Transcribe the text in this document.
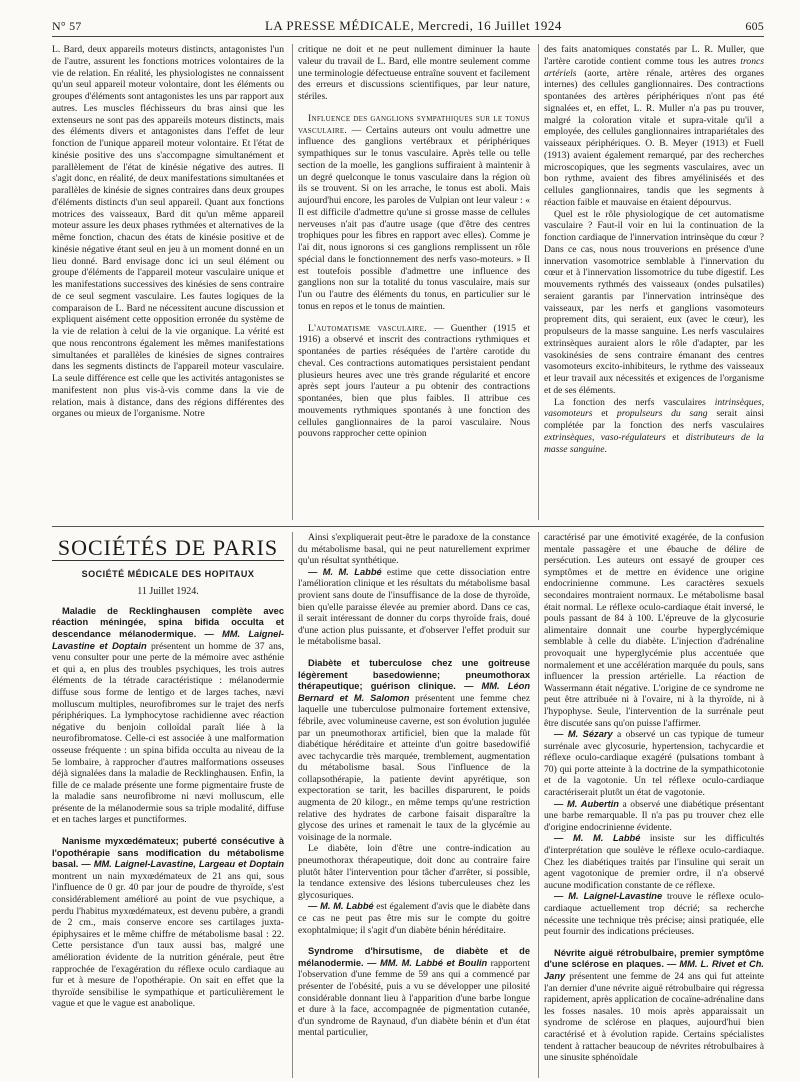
N° 57	LA PRESSE MÉDICALE, Mercredi, 16 Juillet 1924	605

L. Bard, deux appareils moteurs distincts, antagonistes l'un de l'autre, assurent les fonctions motrices volontaires de la vie de relation. En réalité, les physiologistes ne connaissent qu'un seul appareil moteur volontaire, dont les éléments ou groupes d'éléments sont antagonistes les uns par rapport aux autres. Les muscles fléchisseurs du bras ainsi que les extenseurs ne sont pas des appareils moteurs distincts, mais des éléments divers et antagonistes dans l'effet de leur fonction de l'unique appareil moteur volontaire. Et l'état de kinésie positive des uns s'accompagne simultanément et parallèlement de l'état de kinésie négative des autres. Il s'agit donc, en réalité, de deux manifestations simultanées et parallèles de kinésie de signes contraires dans deux groupes d'éléments distincts d'un seul appareil. Quant aux fonctions motrices des vaisseaux, Bard dit qu'un même appareil moteur assure les deux phases rythmées et alternatives de la même fonction, chacun des états de kinésie positive et de kinésie négative étant seul en jeu à un moment donné en un lieu donné. Bard envisage donc ici un seul élément ou groupe d'éléments de l'appareil moteur vasculaire unique et les manifestations successives des kinésies de sens contraire de ce seul segment vasculaire. Les fautes logiques de la comparaison de L. Bard ne nécessitent aucune discussion et expliquent aisément cette opposition erronée du système de la vie de relation à celui de la vie organique. La vérité est que nous rencontrons également les mêmes manifestations simultanées et parallèles de kinésies de signes contraires dans les segments distincts de l'appareil moteur vasculaire. La seule différence est celle que les activités antagonistes se manifestent non plus vis-à-vis comme dans la vie de relation, mais à distance, dans des régions différentes des organes ou mieux de l'organisme. Notre

critique ne doit et ne peut nullement diminuer la haute valeur du travail de L. Bard, elle montre seulement comme une terminologie défectueuse entraîne souvent et facilement des erreurs et discussions scientifiques, par leur nature, stériles.

Influence des ganglions sympathiques sur le tonus vasculaire. — Certains auteurs ont voulu admettre une influence des ganglions vertébraux et périphériques sympathiques sur le tonus vasculaire. Après telle ou telle section de la moelle, les ganglions suffiraient à maintenir à un degré quelconque le tonus vasculaire dans la région où ils se trouvent. Si on les arrache, le tonus est aboli. Mais aujourd'hui encore, les paroles de Vulpian ont leur valeur : « Il est difficile d'admettre qu'une si grosse masse de cellules nerveuses n'ait pas d'autre usage (que d'être des centres trophiques pour les fibres en rapport avec elles). Comme je l'ai dit, nous ignorons si ces ganglions remplissent un rôle spécial dans le fonctionnement des nerfs vaso-moteurs. » Il est toutefois possible d'admettre une influence des ganglions non sur la totalité du tonus vasculaire, mais sur l'un ou l'autre des éléments du tonus, en particulier sur le tonus en repos et le tonus de maintien.

L'automatisme vasculaire. — Guenther (1915 et 1916) a observé et inscrit des contractions rythmiques et spontanées de parties réséquées de l'artère carotide du cheval. Ces contractions automatiques persistaient pendant plusieurs heures avec une très grande régularité et encore après sept jours l'auteur a pu obtenir des contractions spontanées, bien que plus faibles. Il attribue ces mouvements rythmiques spontanés à une fonction des cellules ganglionnaires de la paroi vasculaire. Nous pouvons rapprocher cette opinion

des faits anatomiques constatés par L. R. Muller, que l'artère carotide contient comme tous les autres troncs artériels (aorte, artère rénale, artères des organes internes) des cellules ganglionnaires. Des contractions spontanées des artères périphériques n'ont pas été signalées et, en effet, L. R. Muller n'a pas pu trouver, malgré la coloration vitale et supra-vitale qu'il a employée, des cellules ganglionnaires intrapariétales des vaisseaux périphériques. O. B. Meyer (1913) et Fuell (1913) avaient également remarqué, par des recherches microscopiques, que les segments vasculaires, avec un bon rythme, avaient des fibres amyéliniséés et des cellules ganglionnaires, tandis que les segments à réaction faible et mauvaise en étaient dépourvus.

Quel est le rôle physiologique de cet automatisme vasculaire ? Faut-il voir en lui la continuation de la fonction cardiaque de l'innervation intrinsèque du cœur ? Dans ce cas, nous nous trouverions en présence d'une innervation vasomotrice semblable à l'innervation du cœur et à l'innervation lissomotrice du tube digestif. Les mouvements rythmés des vaisseaux (ondes pulsatiles) seraient garantis par l'innervation intrinsèque des vaisseaux, par les nerfs et ganglions vasomoteurs proprement dits, qui seraient, eux (avec le cœur), les propulseurs de la masse sanguine. Les nerfs vasculaires extrinsèques auraient alors le rôle d'adapter, par les vasokinésies de sens contraire émanant des centres vasomoteurs excito-inhibiteurs, le rythme des vaisseaux et leur travail aux nécessités et exigences de l'organisme et de ses éléments.

La fonction des nerfs vasculaires intrinsèques, vasomoteurs et propulseurs du sang serait ainsi complétée par la fonction des nerfs vasculaires extrinsèques, vaso-régulateurs et distributeurs de la masse sanguine.

SOCIÉTÉS DE PARIS
SOCIÉTÉ MÉDICALE DES HOPITAUX
11 Juillet 1924.

Maladie de Recklinghausen complète avec réaction méningée, spina bifida occulta et descendance mélanodermique. — MM. Laignel-Lavastine et Doptain présentent un homme de 37 ans, venu consulter pour une perte de la mémoire avec asthénie et qui a, en plus des troubles psychiques, les trois autres éléments de la tétrade caractéristique : mélanodermie diffuse sous forme de lentigo et de larges taches, nævi molluscum multiples, neurofibromes sur le trajet des nerfs périphériques. La lymphocytose rachidienne avec réaction négative du benjoin colloïdal paraît liée à la neurofibromatose. Celle-ci est associée à une malformation osseuse fréquente : un spina bifida occulta au niveau de la 5e lombaire, à rapprocher d'autres malformations osseuses déjà signalées dans la maladie de Recklinghausen. Enfin, la fille de ce malade présente une forme pigmentaire fruste de la maladie sans neurofibrome ni nævi molluscum, elle présente de la mélanodermie sous sa triple modalité, diffuse et en taches larges et punctiformes.

Nanisme myxœdémateux; puberté consécutive à l'opothérapie sans modification du métabolisme basal. — MM. Laignel-Lavastine, Largeau et Doptain montrent un nain myxœdémateux de 21 ans qui, sous l'influence de 0 gr. 40 par jour de poudre de thyroïde, s'est considérablement amélioré au point de vue psychique, a perdu l'habitus myxœdémateux, est devenu pubère, a grandi de 2 cm., mais conserve encore ses cartilages juxta-épiphysaires et le même chiffre de métabolisme basal : 22. Cette persistance d'un taux aussi bas, malgré une amélioration évidente de la nutrition générale, peut être rapprochée de l'exagération du réflexe oculo cardiaque au fur et à mesure de l'opothérapie. On sait en effet que la thyroïde sensibilise le sympathique et particulièrement le vague et que le vague est anabolique.

Ainsi s'expliquerait peut-être le paradoxe de la constance du métabolisme basal, qui ne peut naturellement exprimer qu'un résultat synthétique.

— M. M. Labbé estime que cette dissociation entre l'amélioration clinique et les résultats du métabolisme basal provient sans doute de l'insuffisance de la dose de thyroïde, bien qu'elle paraisse élevée au premier abord. Dans ce cas, il serait intéressant de donner du corps thyroïde frais, doué d'une action plus puissante, et d'observer l'effet produit sur le métabolisme basal.

Diabète et tuberculose chez une goitreuse légèrement basedowienne; pneumothorax thérapeutique; guérison clinique. — MM. Léon Bernard et M. Salomon présentent une femme chez laquelle une tuberculose pulmonaire fortement extensive, fébrile, avec volumineuse caverne, est son évolution jugulée par un pneumothorax artificiel, bien que la malade fût diabétique héréditaire et atteinte d'un goitre basedowifié avec tachycardie très marquée, tremblement, augmentation du métabolisme basal. Sous l'influence de la collapsothérapie, la patiente devint apyrétique, son expectoration se tarit, les bacilles disparurent, le poids augmenta de 20 kilogr., en même temps qu'une restriction relative des hydrates de carbone faisait disparaître la glycose des urines et ramenait le taux de la glycémie au voisinage de la normale.

Le diabète, loin d'être une contre-indication au pneumothorax thérapeutique, doit donc au contraire faire plutôt hâter l'intervention pour tâcher d'arrêter, si possible, la tendance extensive des lésions tuberculeuses chez les glycosuriques.

— M. M. Labbé est également d'avis que le diabète dans ce cas ne peut pas être mis sur le compte du goitre exophtalmique; il s'agit d'un diabète bénin héréditaire.

Syndrome d'hirsutisme, de diabète et de mélanodermie. — MM. M. Labbé et Boulin rapportent l'observation d'une femme de 59 ans qui a commencé par présenter de l'obésité, puis a vu se développer une pilosité considérable donnant lieu à l'apparition d'une barbe longue et dure à la face, accompagnée de pigmentation cutanée, d'un syndrome de Raynaud, d'un diabète bénin et d'un état mental particulier,

caractérisé par une émotivité exagérée, de la confusion mentale passagère et une ébauche de délire de persécution. Les auteurs ont essayé de grouper ces symptômes et de mettre en évidence une origine endocrinienne commune. Les caractères sexuels secondaires montraient normaux. Le métabolisme basal était normal. Le réflexe oculo-cardiaque était inversé, le pouls passant de 84 à 100. L'épreuve de la glycosurie alimentaire donnait une courbe hyperglycémique semblable à celle du diabète. L'injection d'adrénaline provoquait une hyperglycémie plus accentuée que normalement et une accélération marquée du pouls, sans influencer la pression artérielle. La réaction de Wassermann était négative. L'origine de ce syndrome ne peut être attribuée ni à l'ovaire, ni à la thyroïde, ni à l'hypophyse. Seule, l'intervention de la surrénale peut être discutée sans qu'on puisse l'affirmer.

— M. Sézary a observé un cas typique de tumeur surrénale avec glycosurie, hypertension, tachycardie et réflexe oculo-cardiaque exagéré (pulsations tombant à 70) qui porte atteinte à la doctrine de la sympathicotonie et de la vagotonie. Un tel réflexe oculo-cardiaque caractériserait plutôt un état de vagotonie.

— M. Aubertin a observé une diabétique présentant une barbe remarquable. Il n'a pas pu trouver chez elle d'origine endocrinienne évidente.

— M. M. Labbé insiste sur les difficultés d'interprétation que soulève le réflexe oculo-cardiaque. Chez les diabétiques traités par l'insuline qui serait un agent vagotonique de premier ordre, il n'a observé aucune modification constante de ce réflexe.

— M. Laignel-Lavastine trouve le réflexe oculo-cardiaque actuellement trop décrié; sa recherche nécessite une technique très précise; ainsi pratiquée, elle peut fournir des indications précieuses.

Névrite aiguë rétrobulbaire, premier symptôme d'une sclérose en plaques. — MM. L. Rivet et Ch. Jany présentent une femme de 24 ans qui fut atteinte l'an dernier d'une névrite aiguë rétrobulbaire qui régressa rapidement, après application de cocaïne-adrénaline dans les fosses nasales. 10 mois après apparaissait un syndrome de sclérose en plaques, aujourd'hui bien caractérisé et à évolution rapide. Certains spécialistes tendent à rattacher beaucoup de névrites rétrobulbaires à une sinusite sphénoïdale
